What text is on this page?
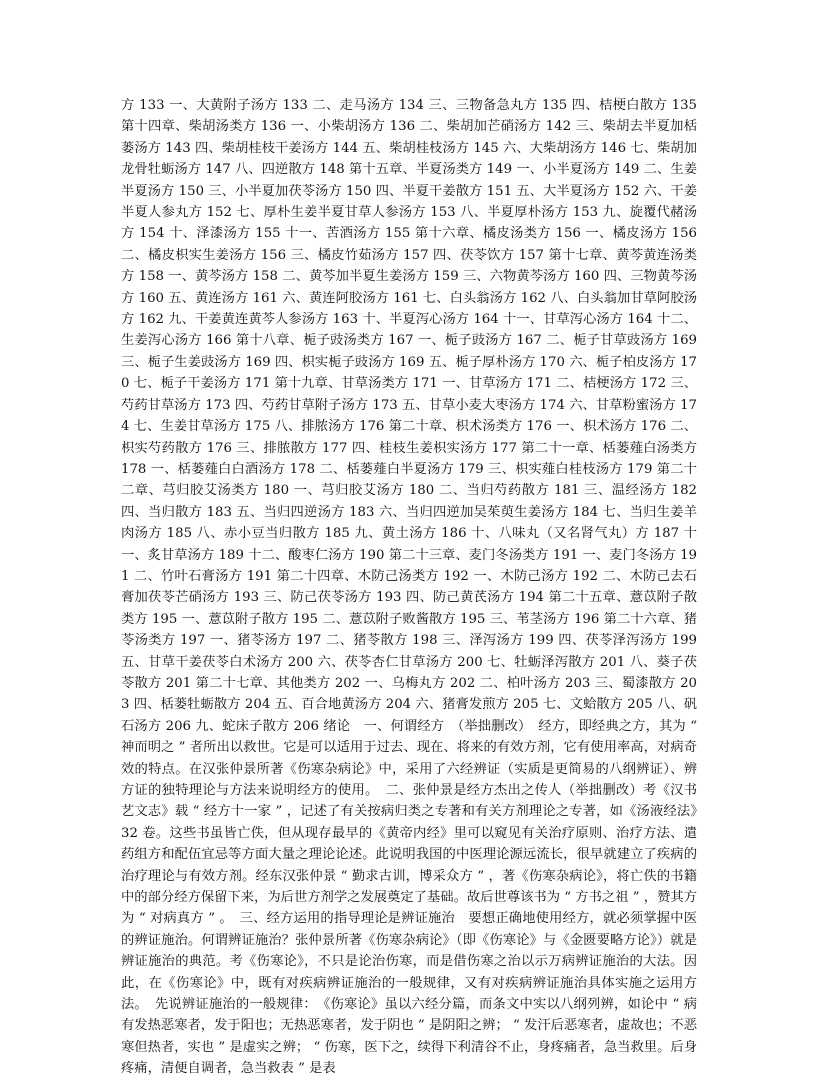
方 133 一、大黄附子汤方 133 二、走马汤方 134 三、三物备急丸方 135 四、桔梗白散方 135 第十四章、柴胡汤类方 136 一、小柴胡汤方 136 二、柴胡加芒硝汤方 142 三、柴胡去半夏加栝蒌汤方 143 四、柴胡桂枝干姜汤方 144 五、柴胡桂枝汤方 145 六、大柴胡汤方 146 七、柴胡加龙骨牡蛎汤方 147 八、四逆散方 148 第十五章、半夏汤类方 149 一、小半夏汤方 149 二、生姜半夏汤方 150 三、小半夏加茯苓汤方 150 四、半夏干姜散方 151 五、大半夏汤方 152 六、干姜半夏人参丸方 152 七、厚朴生姜半夏甘草人参汤方 153 八、半夏厚朴汤方 153 九、旋覆代赭汤方 154 十、泽漆汤方 155 十一、苦酒汤方 155 第十六章、橘皮汤类方 156 一、橘皮汤方 156 二、橘皮枳实生姜汤方 156 三、橘皮竹茹汤方 157 四、茯苓饮方 157 第十七章、黄芩黄连汤类方 158 一、黄芩汤方 158 二、黄芩加半夏生姜汤方 159 三、六物黄芩汤方 160 四、三物黄芩汤方 160 五、黄连汤方 161 六、黄连阿胶汤方 161 七、白头翁汤方 162 八、白头翁加甘草阿胶汤方 162 九、干姜黄连黄芩人参汤方 163 十、半夏泻心汤方 164 十一、甘草泻心汤方 164 十二、生姜泻心汤方 166 第十八章、栀子豉汤类方 167 一、栀子豉汤方 167 二、栀子甘草豉汤方 169 三、栀子生姜豉汤方 169 四、枳实栀子豉汤方 169 五、栀子厚朴汤方 170 六、栀子柏皮汤方 170 七、栀子干姜汤方 171 第十九章、甘草汤类方 171 一、甘草汤方 171 二、桔梗汤方 172 三、芍药甘草汤方 173 四、芍药甘草附子汤方 173 五、甘草小麦大枣汤方 174 六、甘草粉蜜汤方 174 七、生姜甘草汤方 175 八、排脓汤方 176 第二十章、枳术汤类方 176 一、枳术汤方 176 二、枳实芍药散方 176 三、排脓散方 177 四、桂枝生姜枳实汤方 177 第二十一章、栝蒌薤白汤类方 178 一、栝蒌薤白白酒汤方 178 二、栝蒌薤白半夏汤方 179 三、枳实薤白桂枝汤方 179 第二十二章、芎归胶艾汤类方 180 一、芎归胶艾汤方 180 二、当归芍药散方 181 三、温经汤方 182 四、当归散方 183 五、当归四逆汤方 183 六、当归四逆加吴茱萸生姜汤方 184 七、当归生姜羊肉汤方 185 八、赤小豆当归散方 185 九、黄土汤方 186 十、八味丸（又名肾气丸）方 187 十一、炙甘草汤方 189 十二、酸枣仁汤方 190 第二十三章、麦门冬汤类方 191 一、麦门冬汤方 191 二、竹叶石膏汤方 191 第二十四章、木防己汤类方 192 一、木防己汤方 192 二、木防己去石膏加茯苓芒硝汤方 193 三、防己茯苓汤方 193 四、防己黄芪汤方 194 第二十五章、薏苡附子散类方 195 一、薏苡附子散方 195 二、薏苡附子败酱散方 195 三、苇茎汤方 196 第二十六章、猪苓汤类方 197 一、猪苓汤方 197 二、猪苓散方 198 三、泽泻汤方 199 四、茯苓泽泻汤方 199 五、甘草干姜茯苓白术汤方 200 六、茯苓杏仁甘草汤方 200 七、牡蛎泽泻散方 201 八、葵子茯苓散方 201 第二十七章、其他类方 202 一、乌梅丸方 202 二、柏叶汤方 203 三、蜀漆散方 203 四、栝蒌牡蛎散方 204 五、百合地黄汤方 204 六、猪膏发煎方 205 七、文蛤散方 205 八、矾石汤方 206 九、蛇床子散方 206 绪论　一、何谓经方　（举拙删改）　经方，即经典之方，其为 “ 神而明之 ” 者所出以救世。它是可以适用于过去、现在、将来的有效方剂，它有使用率高，对病奇效的特点。在汉张仲景所著《伤寒杂病论》中，采用了六经辨证（实质是更简易的八纲辨证）、辨方证的独特理论与方法来说明经方的使用。　二、张仲景是经方杰出之传人（举拙删改）考《汉书艺文志》载 “ 经方十一家 ” ，记述了有关按病归类之专著和有关方剂理论之专著，如《汤液经法》　32 卷。这些书虽皆亡佚，但从现存最早的《黄帝内经》里可以窥见有关治疗原则、治疗方法、遣药组方和配伍宜忌等方面大量之理论论述。此说明我国的中医理论源远流长，很早就建立了疾病的治疗理论与有效方剂。经东汉张仲景 “ 勤求古训，博采众方 ” ，著《伤寒杂病论》，将亡佚的书籍中的部分经方保留下来，为后世方剂学之发展奠定了基础。故后世尊该书为 “ 方书之祖 ” ，赞其方为 “ 对病真方 ” 。　三、经方运用的指导理论是辨证施治　要想正确地使用经方，就必须掌握中医的辨证施治。何谓辨证施治？张仲景所著《伤寒杂病论》（即《伤寒论》与《金匮要略方论》）就是辨证施治的典范。考《伤寒论》，不只是论治伤寒，而是借伤寒之治以示万病辨证施治的大法。因此，在《伤寒论》中，既有对疾病辨证施治的一般规律，又有对疾病辨证施治具体实施之运用方法。　先说辨证施治的一般规律：　《伤寒论》虽以六经分篇，而条文中实以八纲列辨，如论中 “ 病有发热恶寒者，发于阳也；无热恶寒者，发于阴也 ” 是阴阳之辨； “ 发汗后恶寒者，虚故也；不恶寒但热者，实也 ” 是虚实之辨； “ 伤寒，医下之，续得下利清谷不止，身疼痛者，急当救里。后身疼痛，清便自调者，急当救表 ” 是表
